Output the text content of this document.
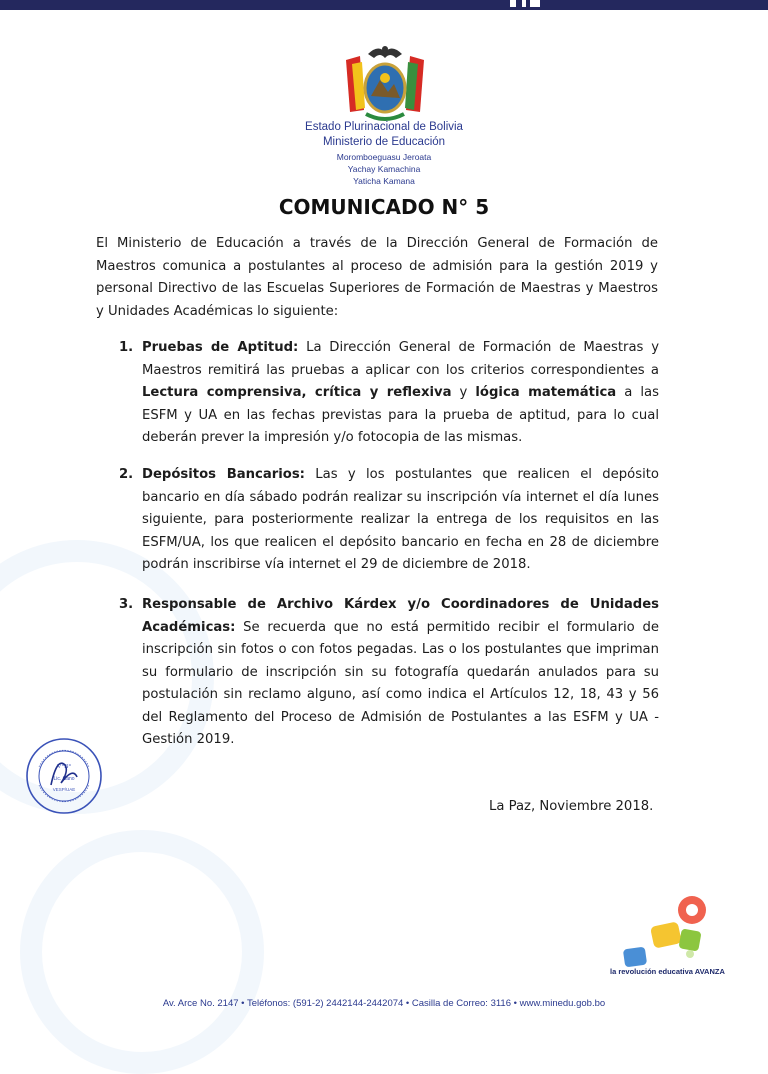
Estado Plurinacional de Bolivia
Ministerio de Educación
Moromboeguasu Jeroata
Yachay Kamachina
Yaticha Kamana
COMUNICADO N° 5
El Ministerio de Educación a través de la Dirección General de Formación de Maestros comunica a postulantes al proceso de admisión para la gestión 2019 y personal Directivo de las Escuelas Superiores de Formación de Maestras y Maestros y Unidades Académicas lo siguiente:
1. Pruebas de Aptitud: La Dirección General de Formación de Maestras y Maestros remitirá las pruebas a aplicar con los criterios correspondientes a Lectura comprensiva, crítica y reflexiva y lógica matemática a las ESFM y UA en las fechas previstas para la prueba de aptitud, para lo cual deberán prever la impresión y/o fotocopia de las mismas.
2. Depósitos Bancarios: Las y los postulantes que realicen el depósito bancario en día sábado podrán realizar su inscripción vía internet el día lunes siguiente, para posteriormente realizar la entrega de los requisitos en las ESFM/UA, los que realicen el depósito bancario en fecha en 28 de diciembre podrán inscribirse vía internet el 29 de diciembre de 2018.
3. Responsable de Archivo Kárdex y/o Coordinadores de Unidades Académicas: Se recuerda que no está permitido recibir el formulario de inscripción sin fotos o con fotos pegadas. Las o los postulantes que impriman su formulario de inscripción sin su fotografía quedarán anulados para su postulación sin reclamo alguno, así como indica el Artículos 12, 18, 43 y 56 del Reglamento del Proceso de Admisión de Postulantes a las ESFM y UA - Gestión 2019.
La Paz, Noviembre 2018.
V°B°
Lic. Cano
VESP/UAE
la revolución educativa AVANZA
Av. Arce No. 2147 • Teléfonos: (591-2) 2442144-2442074 • Casilla de Correo: 3116 • www.minedu.gob.bo
